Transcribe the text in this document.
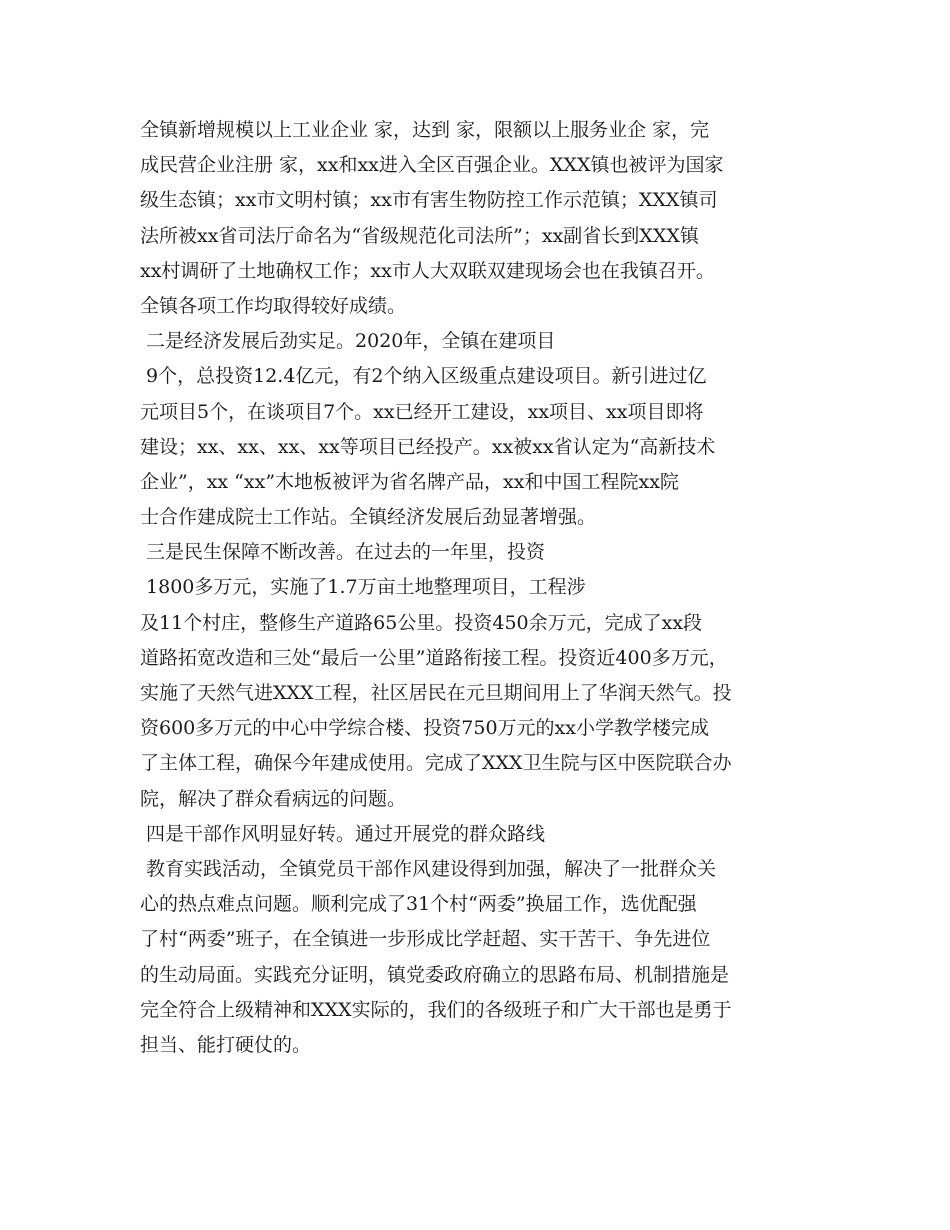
全镇新增规模以上工业企业 家，达到 家，限额以上服务业企 家，完
成民营企业注册 家，xx和xx进入全区百强企业。XXX镇也被评为国家
级生态镇；xx市文明村镇；xx市有害生物防控工作示范镇；XXX镇司
法所被xx省司法厅命名为“省级规范化司法所”；xx副省长到XXX镇
xx村调研了土地确权工作；xx市人大双联双建现场会也在我镇召开。
全镇各项工作均取得较好成绩。
二是经济发展后劲实足。2020年，全镇在建项目
9个，总投资12.4亿元，有2个纳入区级重点建设项目。新引进过亿
元项目5个，在谈项目7个。xx已经开工建设，xx项目、xx项目即将
建设；xx、xx、xx、xx等项目已经投产。xx被xx省认定为“高新技术
企业”，xx “xx”木地板被评为省名牌产品，xx和中国工程院xx院
士合作建成院士工作站。全镇经济发展后劲显著增强。
三是民生保障不断改善。在过去的一年里，投资
1800多万元，实施了1.7万亩土地整理项目，工程涉
及11个村庄，整修生产道路65公里。投资450余万元，完成了xx段
道路拓宽改造和三处“最后一公里”道路衔接工程。投资近400多万元，
实施了天然气进XXX工程，社区居民在元旦期间用上了华润天然气。投
资600多万元的中心中学综合楼、投资750万元的xx小学教学楼完成
了主体工程，确保今年建成使用。完成了XXX卫生院与区中医院联合办
院，解决了群众看病远的问题。
四是干部作风明显好转。通过开展党的群众路线
教育实践活动，全镇党员干部作风建设得到加强，解决了一批群众关
心的热点难点问题。顺利完成了31个村“两委”换届工作，选优配强
了村“两委”班子，在全镇进一步形成比学赶超、实干苦干、争先进位
的生动局面。实践充分证明，镇党委政府确立的思路布局、机制措施是
完全符合上级精神和XXX实际的，我们的各级班子和广大干部也是勇于
担当、能打硬仗的。
